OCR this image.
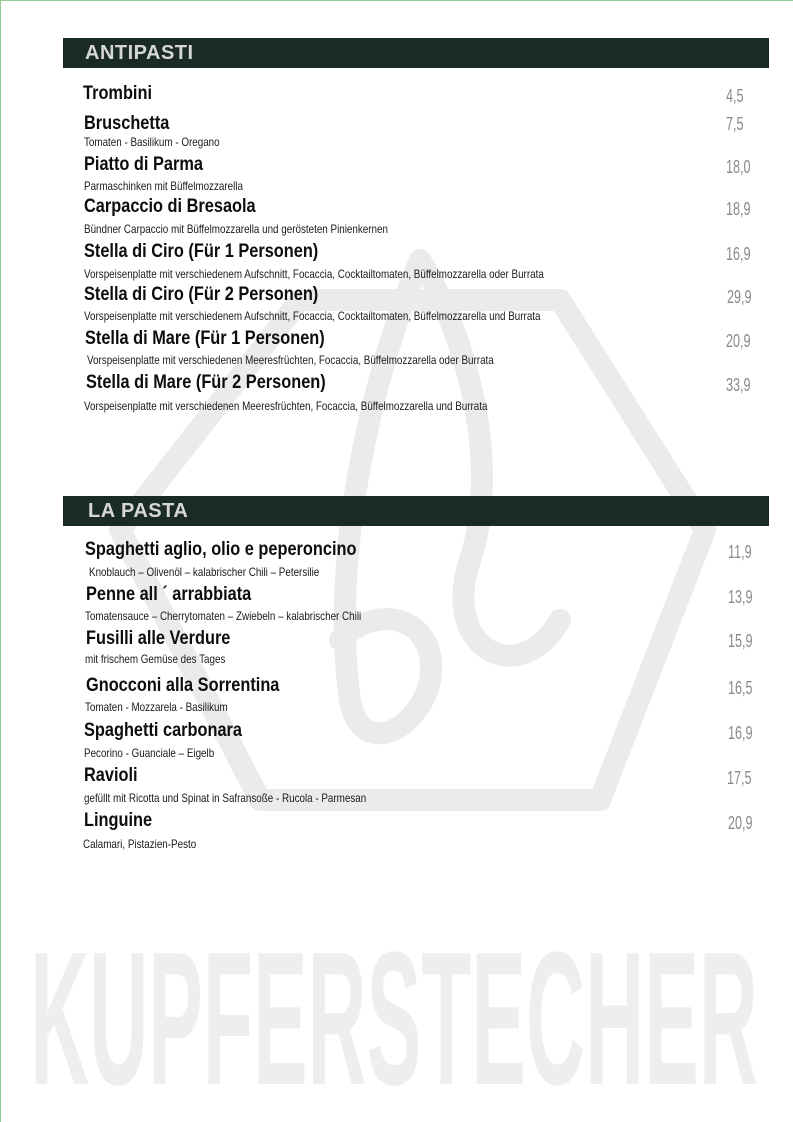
KUPFERSTECHER
ANTIPASTI
Trombini	4,5
Bruschetta
Tomaten - Basilikum - Oregano
7,5
Piatto di Parma
Parmaschinken mit Büffelmozzarella
18,0
Carpaccio di Bresaola
Bündner Carpaccio mit Büffelmozzarella und gerösteten Pinienkernen
18,9
Stella di Ciro (Für 1 Personen)
Vorspeisenplatte mit verschiedenem Aufschnitt, Focaccia, Cocktailtomaten, Büffelmozzarella oder Burrata
16,9
Stella di Ciro (Für 2 Personen)
Vorspeisenplatte mit verschiedenem Aufschnitt, Focaccia, Cocktailtomaten, Büffelmozzarella und Burrata
29,9
Stella di Mare (Für 1 Personen)
Vorspeisenplatte mit verschiedenen Meeresfrüchten, Focaccia, Büffelmozzarella oder Burrata
20,9
Stella di Mare (Für 2 Personen)
Vorspeisenplatte mit verschiedenen Meeresfrüchten, Focaccia, Büffelmozzarella und Burrata
33,9
LA PASTA
Spaghetti aglio, olio e peperoncino
Knoblauch – Olivenöl – kalabrischer Chili – Petersilie
11,9
Penne all ´ arrabbiata
Tomatensauce – Cherrytomaten – Zwiebeln – kalabrischer Chili
13,9
Fusilli alle Verdure
mit frischem Gemüse des Tages
15,9
Gnocconi alla Sorrentina
Tomaten - Mozzarela - Basilikum
16,5
Spaghetti carbonara
Pecorino - Guanciale – Eigelb
16,9
Ravioli
gefüllt mit Ricotta und Spinat in Safransoße - Rucola - Parmesan
17,5
Linguine
Calamari, Pistazien-Pesto
20,9
